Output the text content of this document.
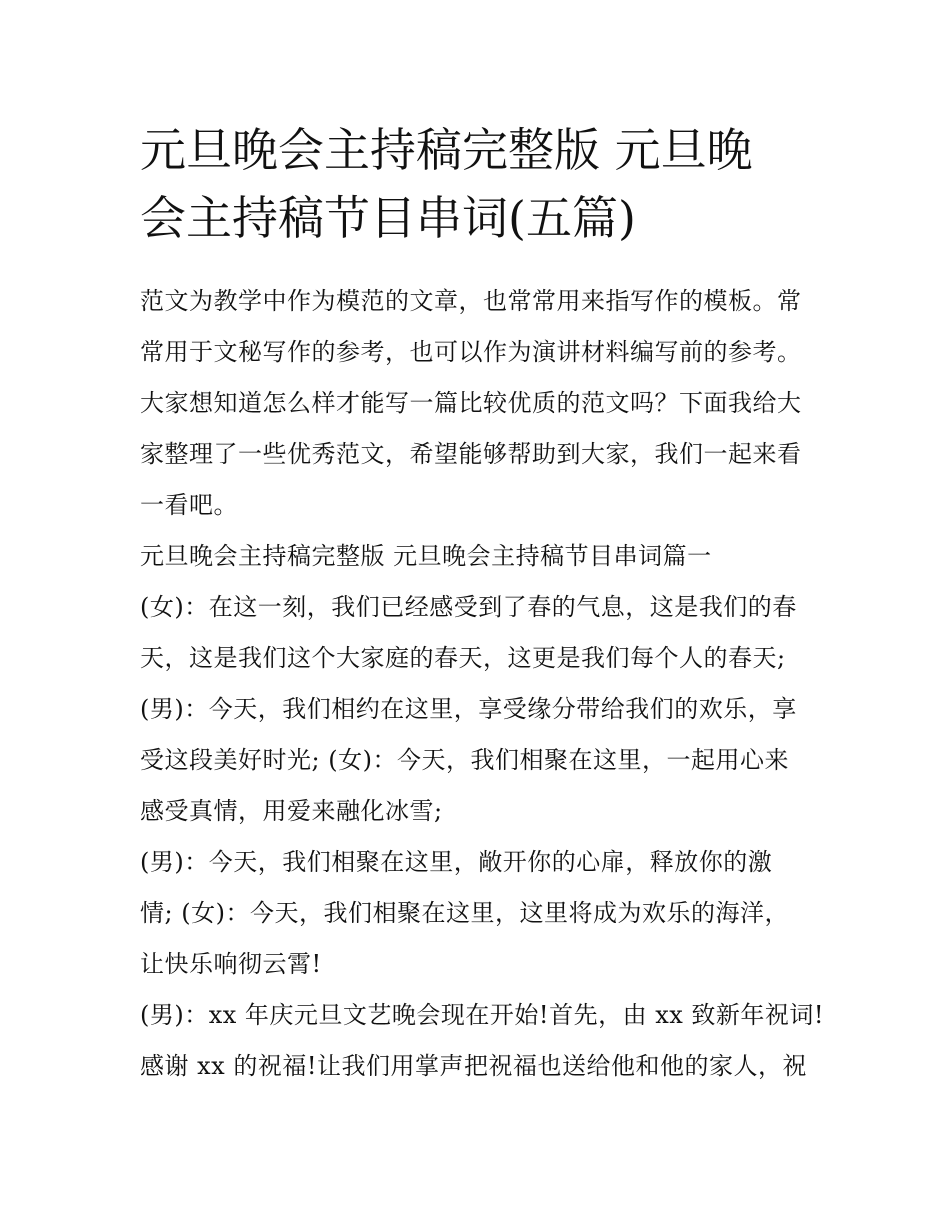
元旦晚会主持稿完整版 元旦晚
会主持稿节目串词(五篇)

范文为教学中作为模范的文章，也常常用来指写作的模板。常

常用于文秘写作的参考，也可以作为演讲材料编写前的参考。

大家想知道怎么样才能写一篇比较优质的范文吗？下面我给大

家整理了一些优秀范文，希望能够帮助到大家，我们一起来看

一看吧。

元旦晚会主持稿完整版 元旦晚会主持稿节目串词篇一

(女)：在这一刻，我们已经感受到了春的气息，这是我们的春

天，这是我们这个大家庭的春天，这更是我们每个人的春天;

(男)：今天，我们相约在这里，享受缘分带给我们的欢乐，享

受这段美好时光; (女)：今天，我们相聚在这里，一起用心来

感受真情，用爱来融化冰雪;

(男)：今天，我们相聚在这里，敞开你的心扉，释放你的激

情; (女)：今天，我们相聚在这里，这里将成为欢乐的海洋，

让快乐响彻云霄!

(男)：xx 年庆元旦文艺晚会现在开始!首先，由 xx 致新年祝词!

感谢 xx 的祝福!让我们用掌声把祝福也送给他和他的家人，祝
